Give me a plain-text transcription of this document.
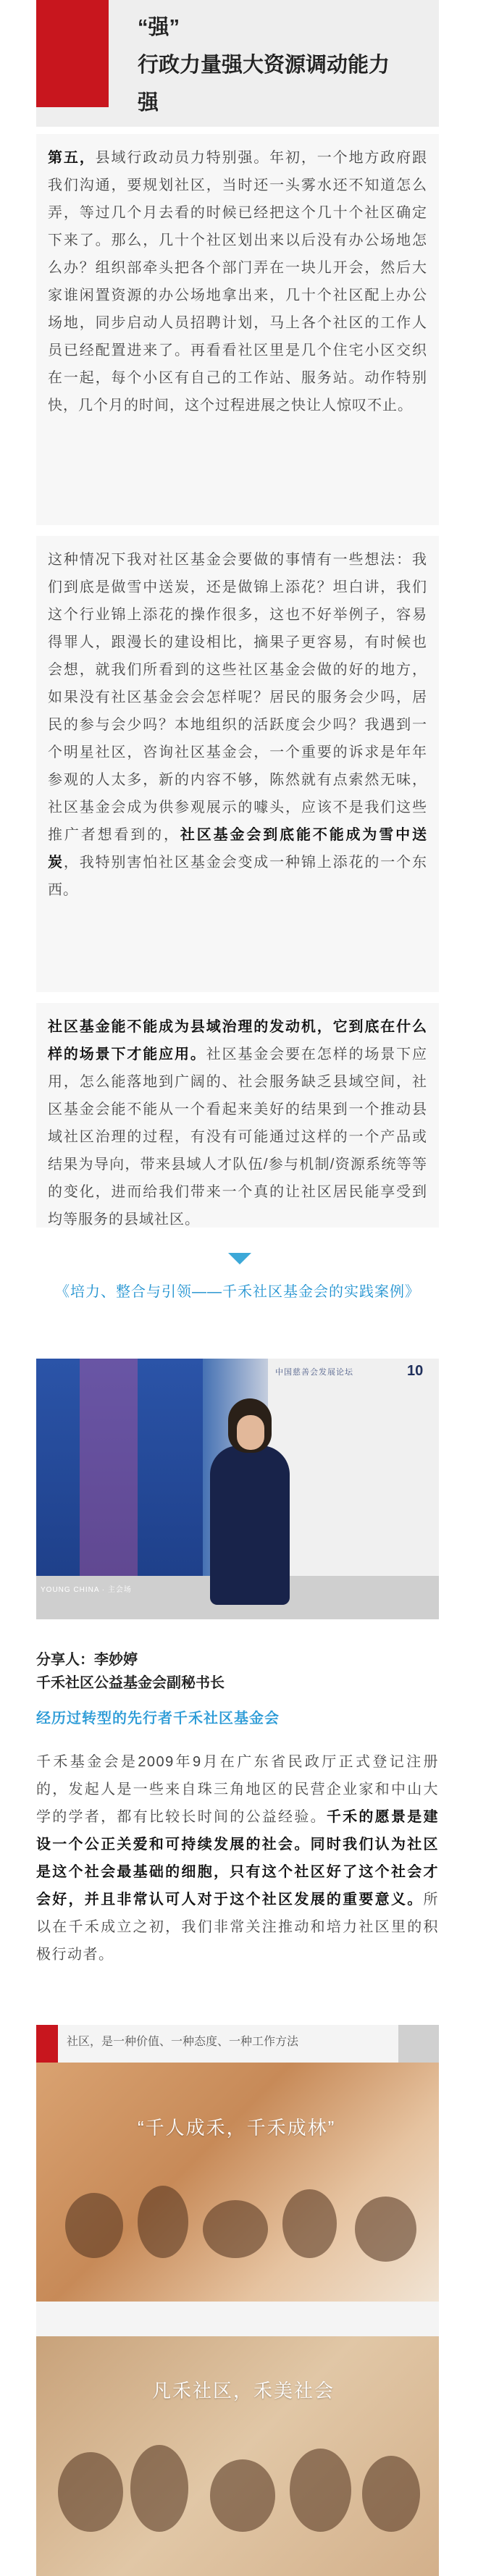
“强”
行政力量强大资源调动能力
强
第五，县域行政动员力特别强。年初，一个地方政府跟我们沟通，要规划社区，当时还一头雾水还不知道怎么弄，等过几个月去看的时候已经把这个几十个社区确定下来了。那么，几十个社区划出来以后没有办公场地怎么办？组织部牵头把各个部门弄在一块儿开会，然后大家谁闲置资源的办公场地拿出来，几十个社区配上办公场地，同步启动人员招聘计划，马上各个社区的工作人员已经配置进来了。再看看社区里是几个住宅小区交织在一起，每个小区有自己的工作站、服务站。动作特别快，几个月的时间，这个过程进展之快让人惊叹不止。
这种情况下我对社区基金会要做的事情有一些想法：我们到底是做雪中送炭，还是做锦上添花？坦白讲，我们这个行业锦上添花的操作很多，这也不好举例子，容易得罪人，跟漫长的建设相比，摘果子更容易，有时候也会想，就我们所看到的这些社区基金会做的好的地方，如果没有社区基金会会怎样呢？居民的服务会少吗，居民的参与会少吗？本地组织的活跃度会少吗？我遇到一个明星社区，咨询社区基金会，一个重要的诉求是年年参观的人太多，新的内容不够，陈然就有点索然无味，社区基金会成为供参观展示的噱头，应该不是我们这些推广者想看到的，社区基金会到底能不能成为雪中送炭，我特别害怕社区基金会变成一种锦上添花的一个东西。
社区基金能不能成为县域治理的发动机，它到底在什么样的场景下才能应用。社区基金会要在怎样的场景下应用，怎么能落地到广阔的、社会服务缺乏县域空间，社区基金会能不能从一个看起来美好的结果到一个推动县域社区治理的过程，有没有可能通过这样的一个产品或结果为导向，带来县域人才队伍/参与机制/资源系统等等的变化，进而给我们带来一个真的让社区居民能享受到均等服务的县域社区。
《培力、整合与引领——千禾社区基金会的实践案例》
中国慈善会发展论坛	10
YOUNG CHINA · 主会场
分享人：李妙婷
千禾社区公益基金会副秘书长
经历过转型的先行者千禾社区基金会
千禾基金会是2009年9月在广东省民政厅正式登记注册的，发起人是一些来自珠三角地区的民营企业家和中山大学的学者，都有比较长时间的公益经验。千禾的愿景是建设一个公正关爱和可持续发展的社会。同时我们认为社区是这个社会最基础的细胞，只有这个社区好了这个社会才会好，并且非常认可人对于这个社区发展的重要意义。所以在千禾成立之初，我们非常关注推动和培力社区里的积极行动者。
社区，是一种价值、一种态度、一种工作方法
“千人成禾，千禾成林”
凡禾社区，禾美社会
